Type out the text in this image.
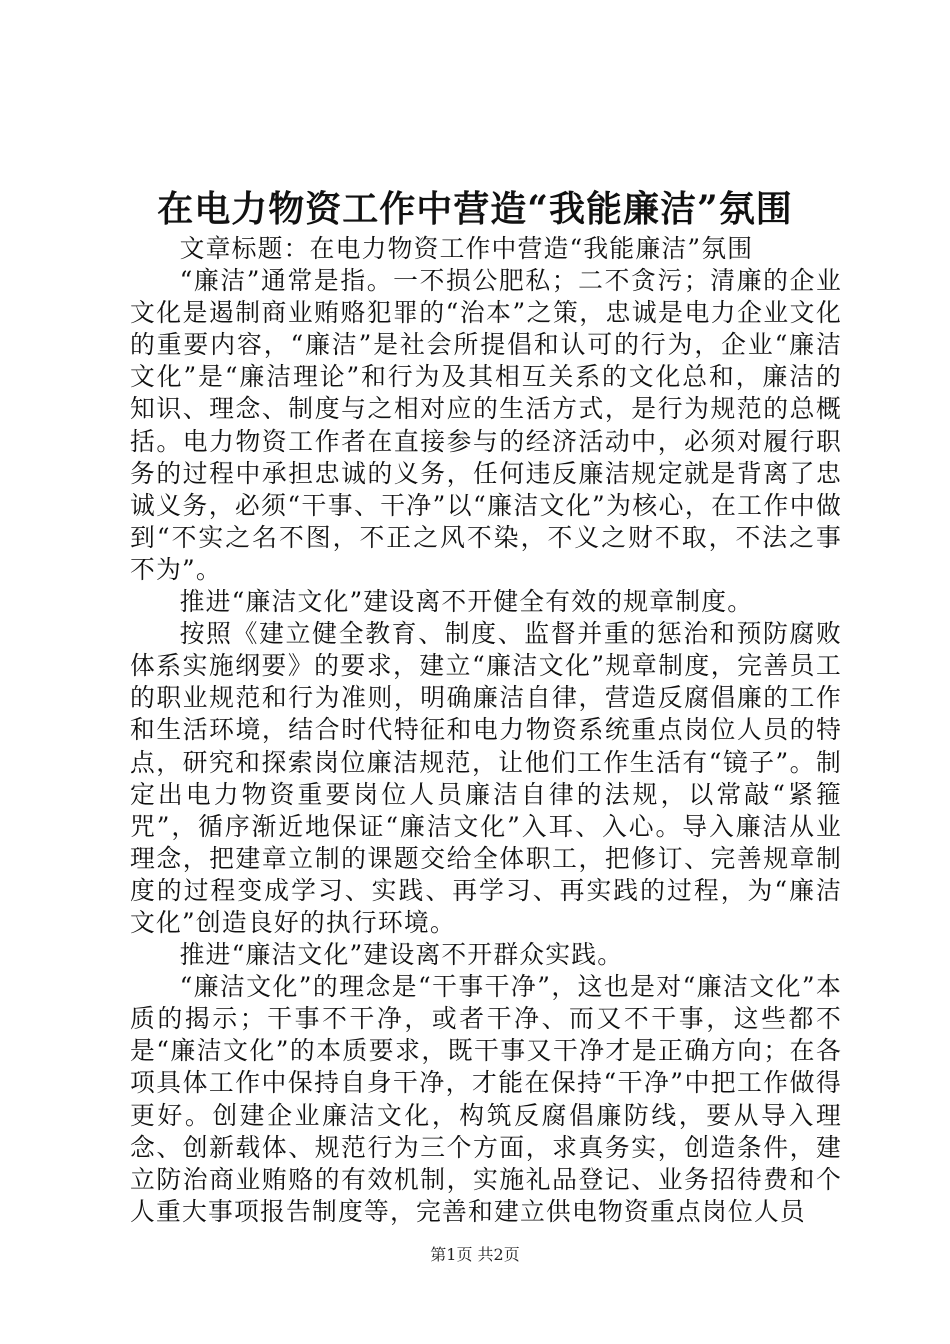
在电力物资工作中营造“我能廉洁”氛围

文章标题：在电力物资工作中营造“我能廉洁”氛围

“廉洁”通常是指。一不损公肥私；二不贪污；清廉的企业文化是遏制商业贿赂犯罪的“治本”之策，忠诚是电力企业文化的重要内容，“廉洁”是社会所提倡和认可的行为，企业“廉洁文化”是“廉洁理论”和行为及其相互关系的文化总和，廉洁的知识、理念、制度与之相对应的生活方式，是行为规范的总概括。电力物资工作者在直接参与的经济活动中，必须对履行职务的过程中承担忠诚的义务，任何违反廉洁规定就是背离了忠诚义务，必须“干事、干净”以“廉洁文化”为核心，在工作中做到“不实之名不图，不正之风不染，不义之财不取，不法之事不为”。

推进“廉洁文化”建设离不开健全有效的规章制度。

按照《建立健全教育、制度、监督并重的惩治和预防腐败体系实施纲要》的要求，建立“廉洁文化”规章制度，完善员工的职业规范和行为准则，明确廉洁自律，营造反腐倡廉的工作和生活环境，结合时代特征和电力物资系统重点岗位人员的特点，研究和探索岗位廉洁规范，让他们工作生活有“镜子”。制定出电力物资重要岗位人员廉洁自律的法规，以常敲“紧箍咒”，循序渐近地保证“廉洁文化”入耳、入心。导入廉洁从业理念，把建章立制的课题交给全体职工，把修订、完善规章制度的过程变成学习、实践、再学习、再实践的过程，为“廉洁文化”创造良好的执行环境。

推进“廉洁文化”建设离不开群众实践。

“廉洁文化”的理念是“干事干净”，这也是对“廉洁文化”本质的揭示；干事不干净，或者干净、而又不干事，这些都不是“廉洁文化”的本质要求，既干事又干净才是正确方向；在各项具体工作中保持自身干净，才能在保持“干净”中把工作做得更好。创建企业廉洁文化，构筑反腐倡廉防线，要从导入理念、创新载体、规范行为三个方面，求真务实，创造条件，建立防治商业贿赂的有效机制，实施礼品登记、业务招待费和个人重大事项报告制度等，完善和建立供电物资重点岗位人员

第1页 共2页
